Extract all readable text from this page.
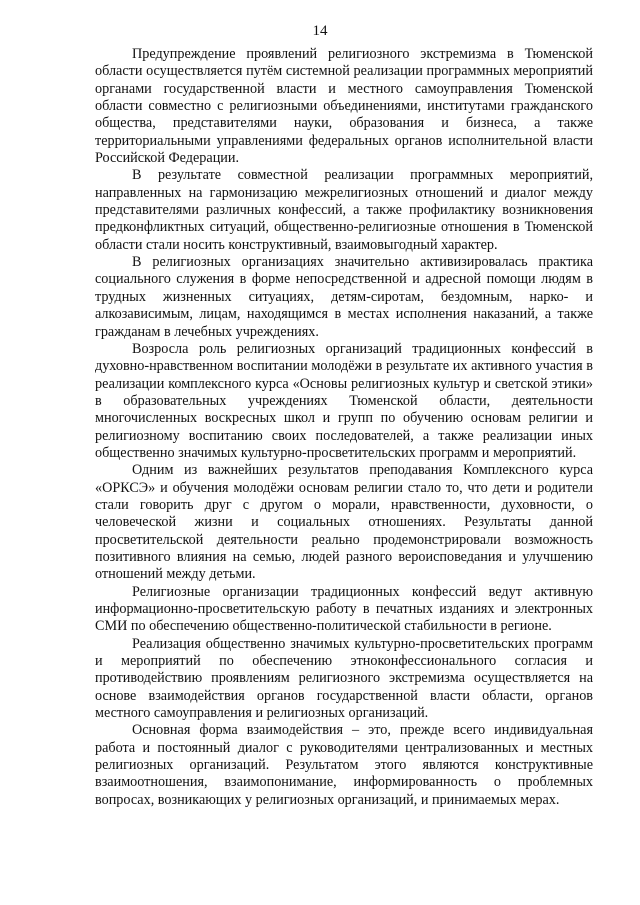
14

Предупреждение проявлений религиозного экстремизма в Тюменской области осуществляется путём системной реализации программных мероприятий органами государственной власти и местного самоуправления Тюменской области совместно с религиозными объединениями, институтами гражданского общества, представителями науки, образования и бизнеса, а также территориальными управлениями федеральных органов исполнительной власти Российской Федерации.

В результате совместной реализации программных мероприятий, направленных на гармонизацию межрелигиозных отношений и диалог между представителями различных конфессий, а также профилактику возникновения предконфликтных ситуаций, общественно-религиозные отношения в Тюменской области стали носить конструктивный, взаимовыгодный характер.

В религиозных организациях значительно активизировалась практика социального служения в форме непосредственной и адресной помощи людям в трудных жизненных ситуациях, детям-сиротам, бездомным, нарко- и алкозависимым, лицам, находящимся в местах исполнения наказаний, а также гражданам в лечебных учреждениях.

Возросла роль религиозных организаций традиционных конфессий в духовно-нравственном воспитании молодёжи в результате их активного участия в реализации комплексного курса «Основы религиозных культур и светской этики» в образовательных учреждениях Тюменской области, деятельности многочисленных воскресных школ и групп по обучению основам религии и религиозному воспитанию своих последователей, а также реализации иных общественно значимых культурно-просветительских программ и мероприятий.

Одним из важнейших результатов преподавания Комплексного курса «ОРКСЭ» и обучения молодёжи основам религии стало то, что дети и родители стали говорить друг с другом о морали, нравственности, духовности, о человеческой жизни и социальных отношениях. Результаты данной просветительской деятельности реально продемонстрировали возможность позитивного влияния на семью, людей разного вероисповедания и улучшению отношений между детьми.

Религиозные организации традиционных конфессий ведут активную информационно-просветительскую работу в печатных изданиях и электронных СМИ по обеспечению общественно-политической стабильности в регионе.

Реализация общественно значимых культурно-просветительских программ и мероприятий по обеспечению этноконфессионального согласия и противодействию проявлениям религиозного экстремизма осуществляется на основе взаимодействия органов государственной власти области, органов местного самоуправления и религиозных организаций.

Основная форма взаимодействия – это, прежде всего индивидуальная работа и постоянный диалог с руководителями централизованных и местных религиозных организаций. Результатом этого являются конструктивные взаимоотношения, взаимопонимание, информированность о проблемных вопросах, возникающих у религиозных организаций, и принимаемых мерах.
